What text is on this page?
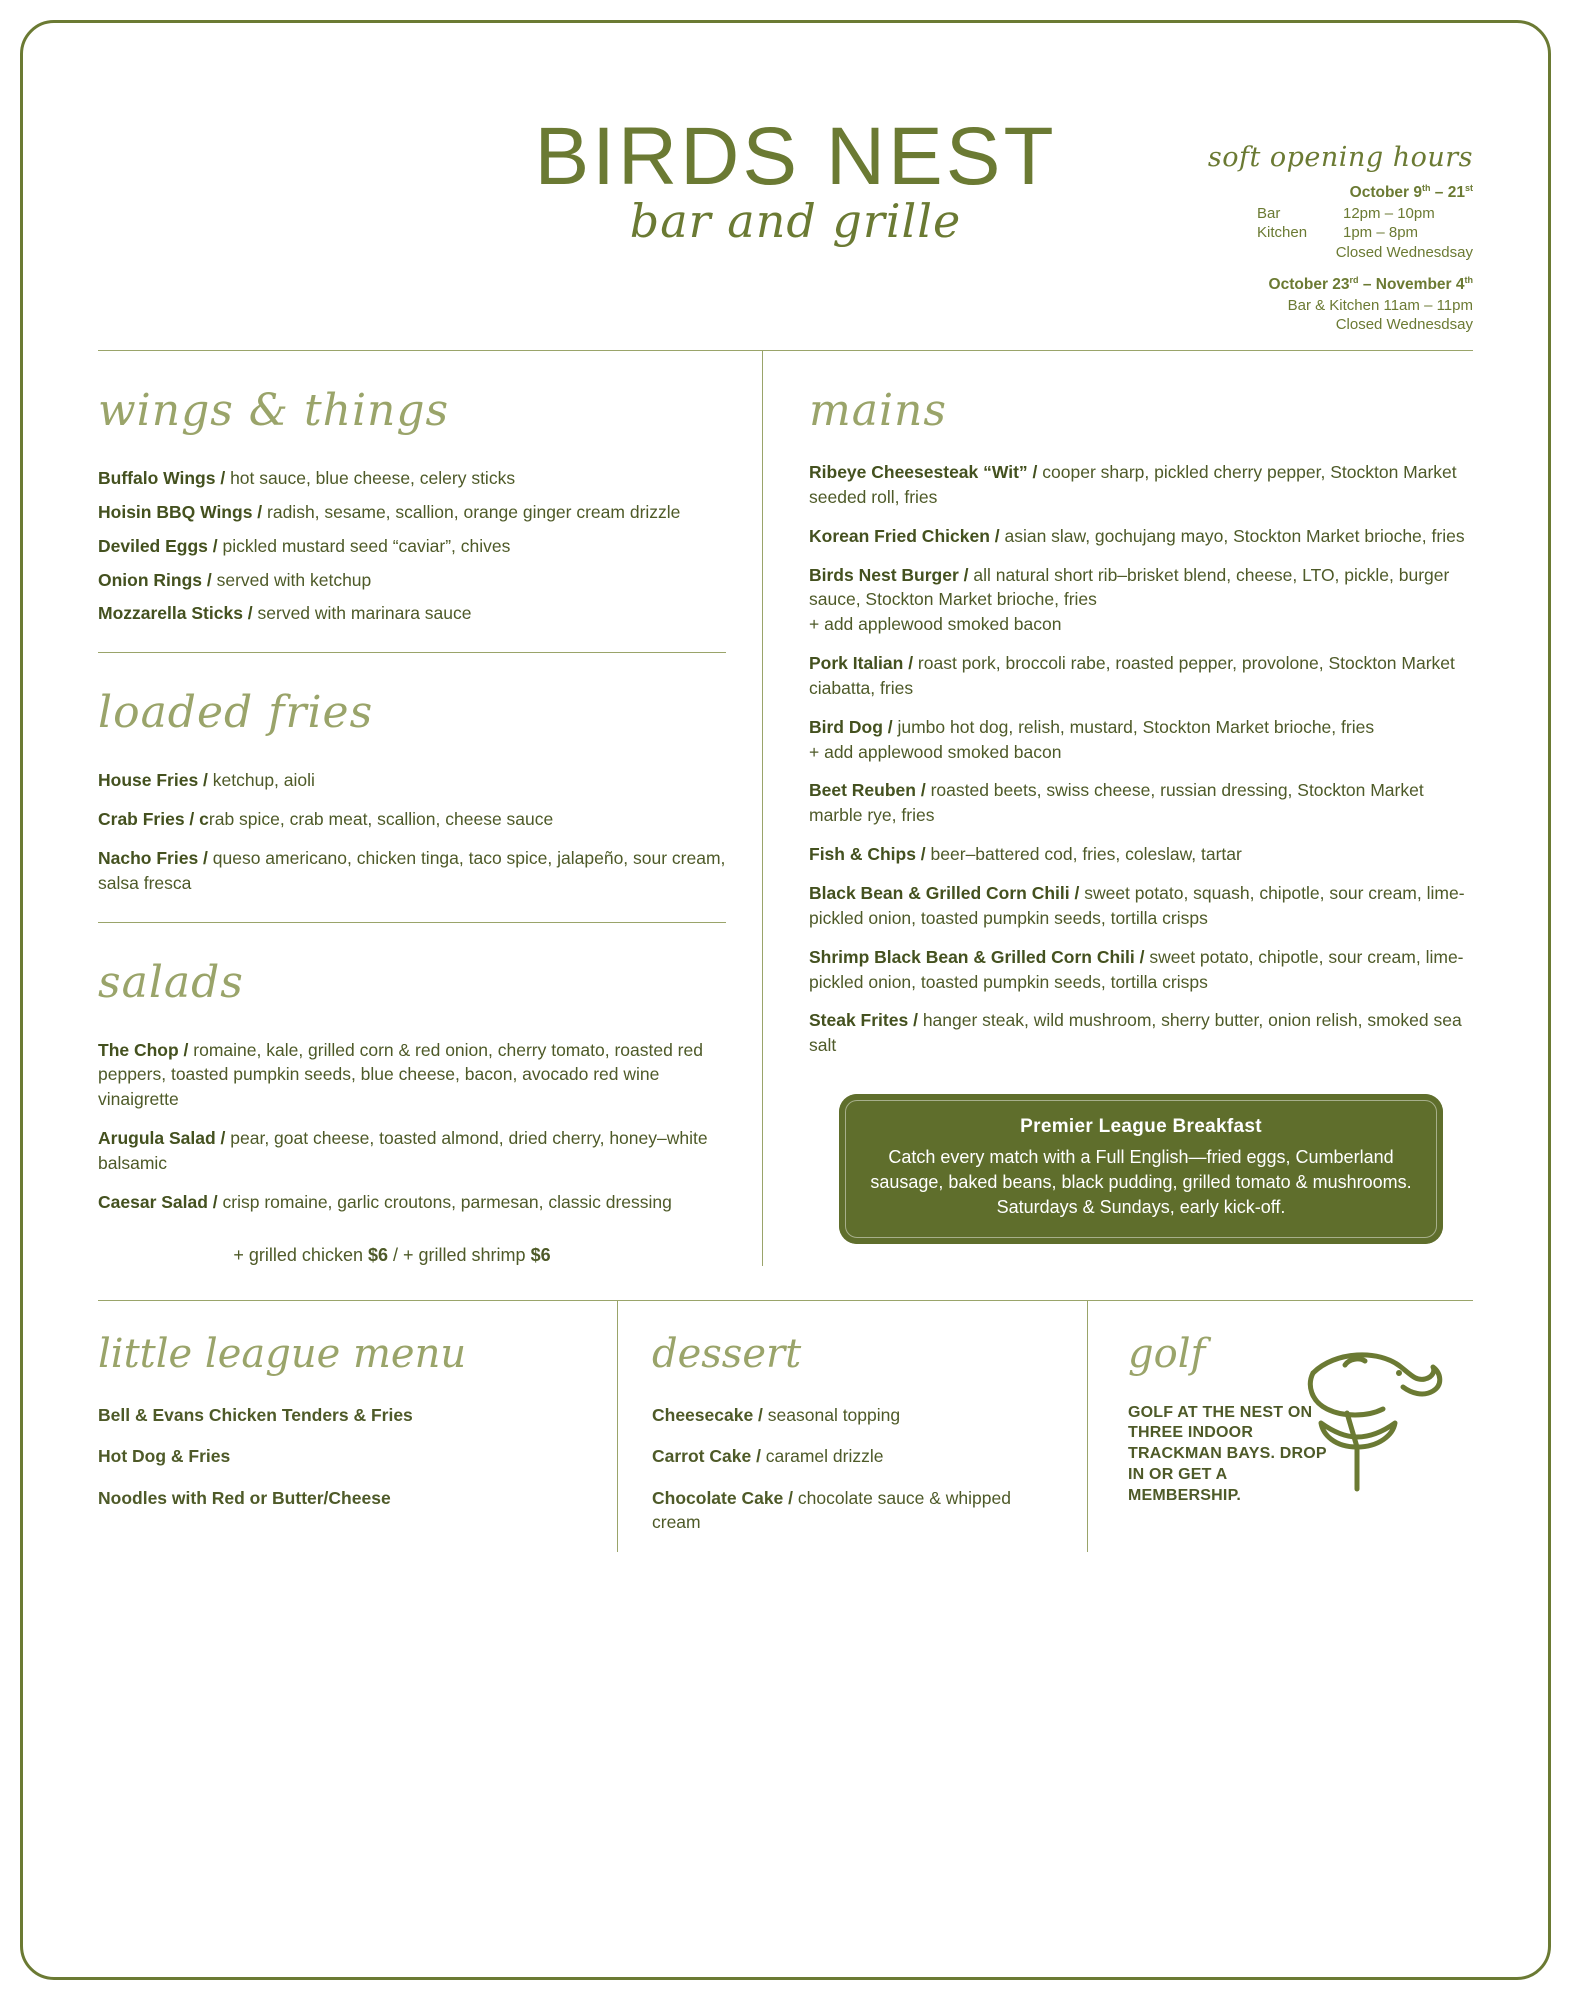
BIRDS NEST
bar and grille
soft opening hours
October 9th – 21st
Bar	12pm – 10pm
Kitchen	1pm – 8pm
Closed Wednesdsay
October 23rd – November 4th
Bar & Kitchen 11am – 11pm
Closed Wednesdsay
wings & things
Buffalo Wings / hot sauce, blue cheese, celery sticks
Hoisin BBQ Wings / radish, sesame, scallion, orange ginger cream drizzle
Deviled Eggs / pickled mustard seed “caviar”, chives
Onion Rings / served with ketchup
Mozzarella Sticks / served with marinara sauce
loaded fries
House Fries / ketchup, aioli
Crab Fries / crab spice, crab meat, scallion, cheese sauce
Nacho Fries / queso americano, chicken tinga, taco spice, jalapeño, sour cream, salsa fresca
salads
The Chop / romaine, kale, grilled corn & red onion, cherry tomato, roasted red peppers, toasted pumpkin seeds, blue cheese, bacon, avocado red wine vinaigrette
Arugula Salad / pear, goat cheese, toasted almond, dried cherry, honey–white balsamic
Caesar Salad / crisp romaine, garlic croutons, parmesan, classic dressing
+ grilled chicken $6 / + grilled shrimp $6
mains
Ribeye Cheesesteak “Wit” / cooper sharp, pickled cherry pepper, Stockton Market seeded roll, fries
Korean Fried Chicken / asian slaw, gochujang mayo, Stockton Market brioche, fries
Birds Nest Burger / all natural short rib–brisket blend, cheese, LTO, pickle, burger sauce, Stockton Market brioche, fries
+ add applewood smoked bacon
Pork Italian / roast pork, broccoli rabe, roasted pepper, provolone, Stockton Market ciabatta, fries
Bird Dog / jumbo hot dog, relish, mustard, Stockton Market brioche, fries
+ add applewood smoked bacon
Beet Reuben / roasted beets, swiss cheese, russian dressing, Stockton Market marble rye, fries
Fish & Chips / beer–battered cod, fries, coleslaw, tartar
Black Bean & Grilled Corn Chili / sweet potato, squash, chipotle, sour cream, lime-pickled onion, toasted pumpkin seeds, tortilla crisps
Shrimp Black Bean & Grilled Corn Chili / sweet potato, chipotle, sour cream, lime-pickled onion, toasted pumpkin seeds, tortilla crisps
Steak Frites / hanger steak, wild mushroom, sherry butter, onion relish, smoked sea salt
Premier League Breakfast
Catch every match with a Full English—fried eggs, Cumberland sausage, baked beans, black pudding, grilled tomato & mushrooms. Saturdays & Sundays, early kick-off.
little league menu
Bell & Evans Chicken Tenders & Fries
Hot Dog & Fries
Noodles with Red or Butter/Cheese
dessert
Cheesecake / seasonal topping
Carrot Cake / caramel drizzle
Chocolate Cake / chocolate sauce & whipped cream
golf
GOLF AT THE NEST ON THREE INDOOR TRACKMAN BAYS. DROP IN OR GET A MEMBERSHIP.
